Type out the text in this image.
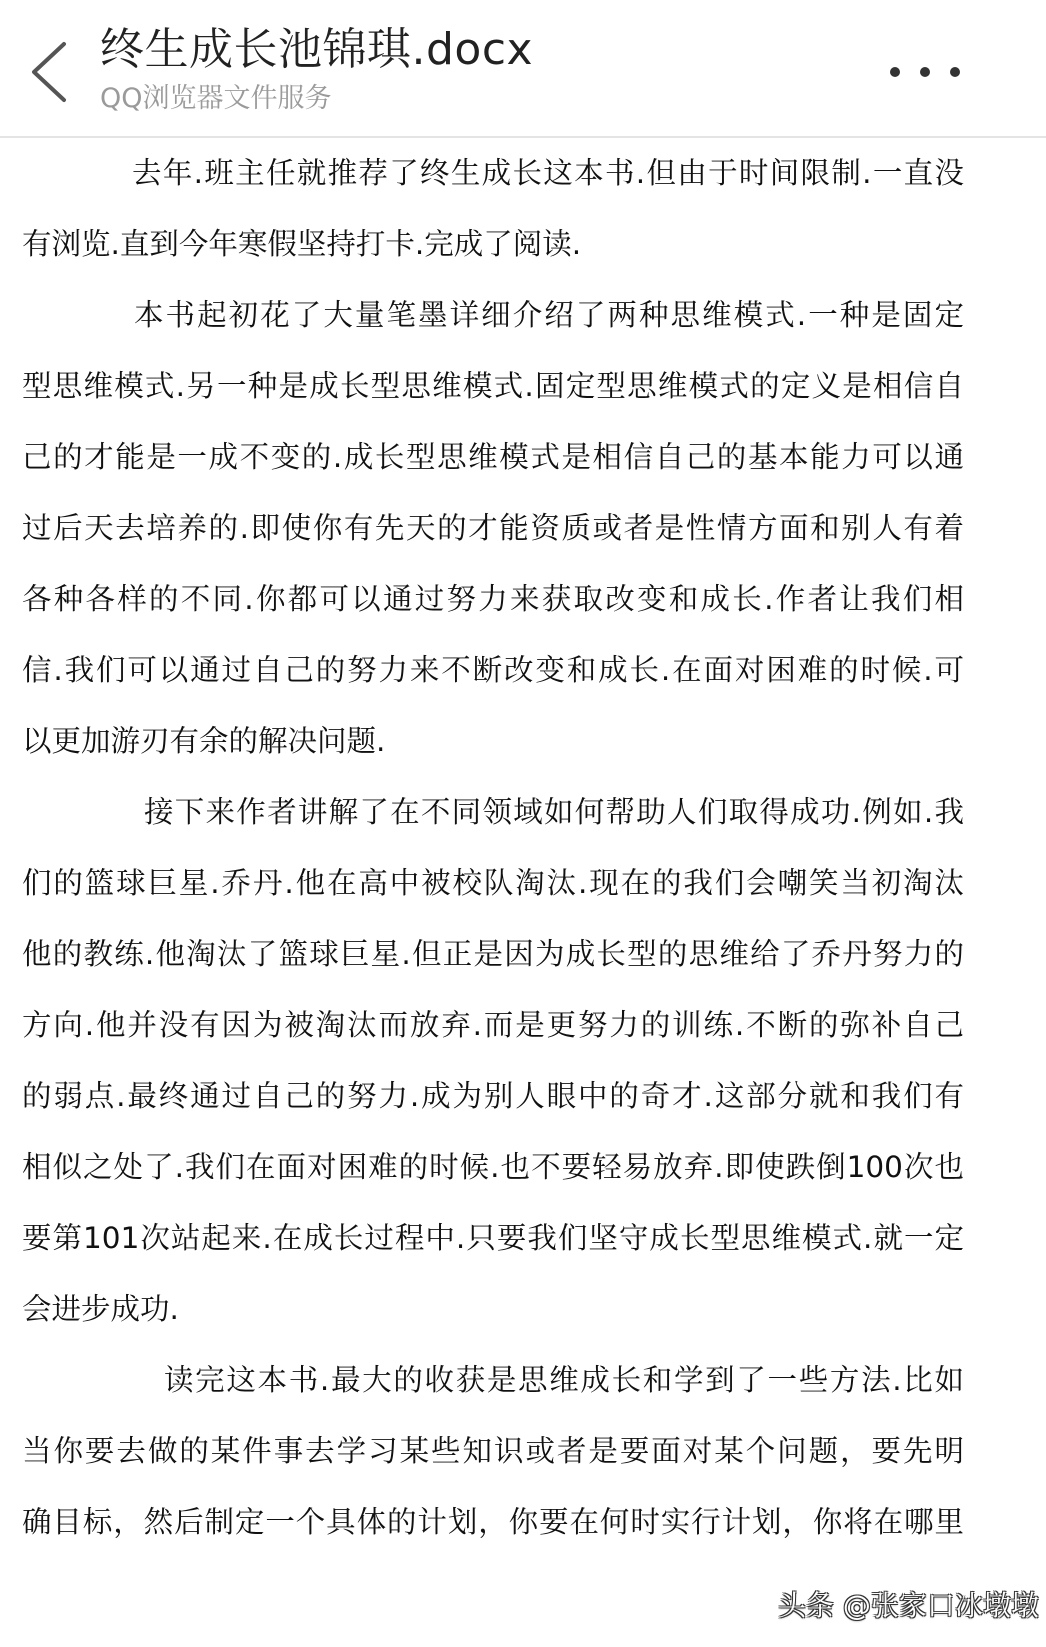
终生成长池锦琪.docx
QQ浏览器文件服务
去年.班主任就推荐了终生成长这本书.但由于时间限制.一直没
有浏览.直到今年寒假坚持打卡.完成了阅读.
本书起初花了大量笔墨详细介绍了两种思维模式.一种是固定
型思维模式.另一种是成长型思维模式.固定型思维模式的定义是相信自
己的才能是一成不变的.成长型思维模式是相信自己的基本能力可以通
过后天去培养的.即使你有先天的才能资质或者是性情方面和别人有着
各种各样的不同.你都可以通过努力来获取改变和成长.作者让我们相
信.我们可以通过自己的努力来不断改变和成长.在面对困难的时候.可
以更加游刃有余的解决问题.
接下来作者讲解了在不同领域如何帮助人们取得成功.例如.我
们的篮球巨星.乔丹.他在高中被校队淘汰.现在的我们会嘲笑当初淘汰
他的教练.他淘汰了篮球巨星.但正是因为成长型的思维给了乔丹努力的
方向.他并没有因为被淘汰而放弃.而是更努力的训练.不断的弥补自己
的弱点.最终通过自己的努力.成为别人眼中的奇才.这部分就和我们有
相似之处了.我们在面对困难的时候.也不要轻易放弃.即使跌倒100次也
要第101次站起来.在成长过程中.只要我们坚守成长型思维模式.就一定
会进步成功.
读完这本书.最大的收获是思维成长和学到了一些方法.比如
当你要去做的某件事去学习某些知识或者是要面对某个问题，要先明
确目标，然后制定一个具体的计划，你要在何时实行计划，你将在哪里
头条 @张家口冰墩墩
